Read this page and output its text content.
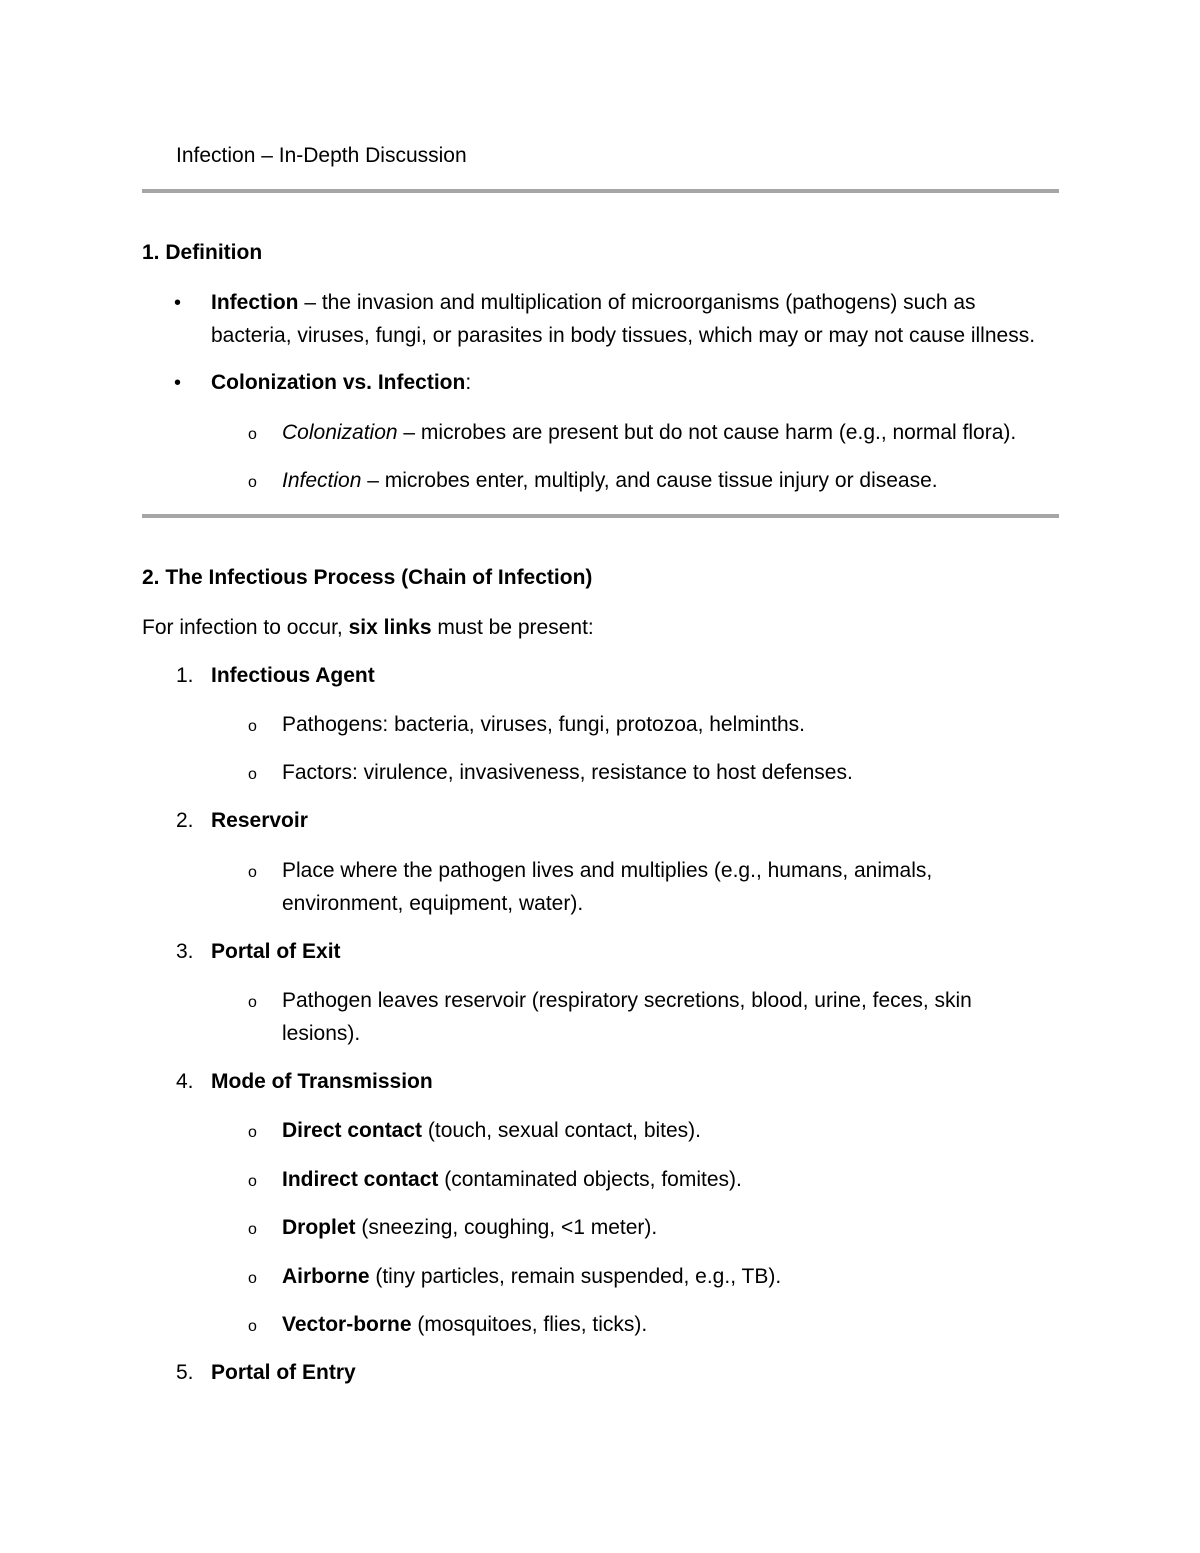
Infection – In-Depth Discussion
1. Definition
• Infection – the invasion and multiplication of microorganisms (pathogens) such as
bacteria, viruses, fungi, or parasites in body tissues, which may or may not cause illness.
• Colonization vs. Infection:
o Colonization – microbes are present but do not cause harm (e.g., normal flora).
o Infection – microbes enter, multiply, and cause tissue injury or disease.
2. The Infectious Process (Chain of Infection)
For infection to occur, six links must be present:
1. Infectious Agent
o Pathogens: bacteria, viruses, fungi, protozoa, helminths.
o Factors: virulence, invasiveness, resistance to host defenses.
2. Reservoir
o Place where the pathogen lives and multiplies (e.g., humans, animals,
environment, equipment, water).
3. Portal of Exit
o Pathogen leaves reservoir (respiratory secretions, blood, urine, feces, skin
lesions).
4. Mode of Transmission
o Direct contact (touch, sexual contact, bites).
o Indirect contact (contaminated objects, fomites).
o Droplet (sneezing, coughing, <1 meter).
o Airborne (tiny particles, remain suspended, e.g., TB).
o Vector-borne (mosquitoes, flies, ticks).
5. Portal of Entry
